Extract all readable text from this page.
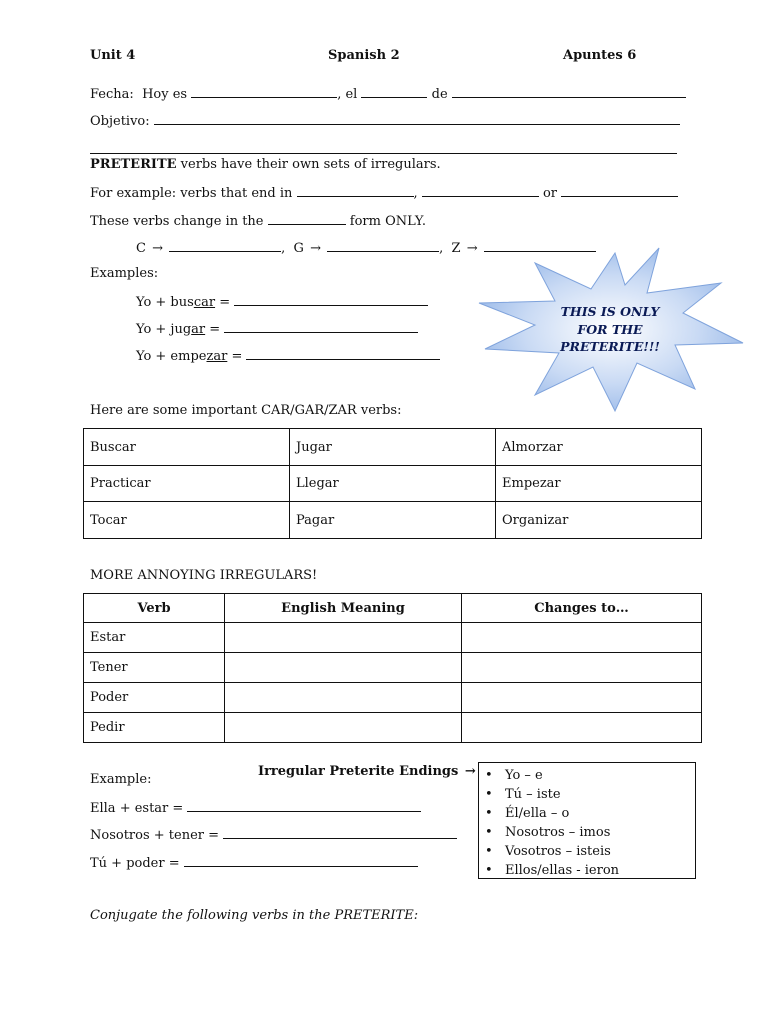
Unit 4	Spanish 2	Apuntes 6
Fecha: Hoy es	, el	de
Objetivo:
PRETERITE verbs have their own sets of irregulars.
For example: verbs that end in	,	or
These verbs change in the	form ONLY.
C →	, G →	, Z →
Examples:
Yo + buscar =
Yo + jugar =
Yo + empezar =
THIS IS ONLY FOR THE PRETERITE!!!
Here are some important CAR/GAR/ZAR verbs:
Buscar	Jugar	Almorzar
Practicar	Llegar	Empezar
Tocar	Pagar	Organizar
MORE ANNOYING IRREGULARS!
Verb	English Meaning	Changes to…
Estar		
Tener		
Poder		
Pedir		
Irregular Preterite Endings → • Yo – e
• Tú – iste
• Él/ella – o
• Nosotros – imos
• Vosotros – isteis
• Ellos/ellas - ieron
Example:
Ella + estar =
Nosotros + tener =
Tú + poder =
Conjugate the following verbs in the PRETERITE:
